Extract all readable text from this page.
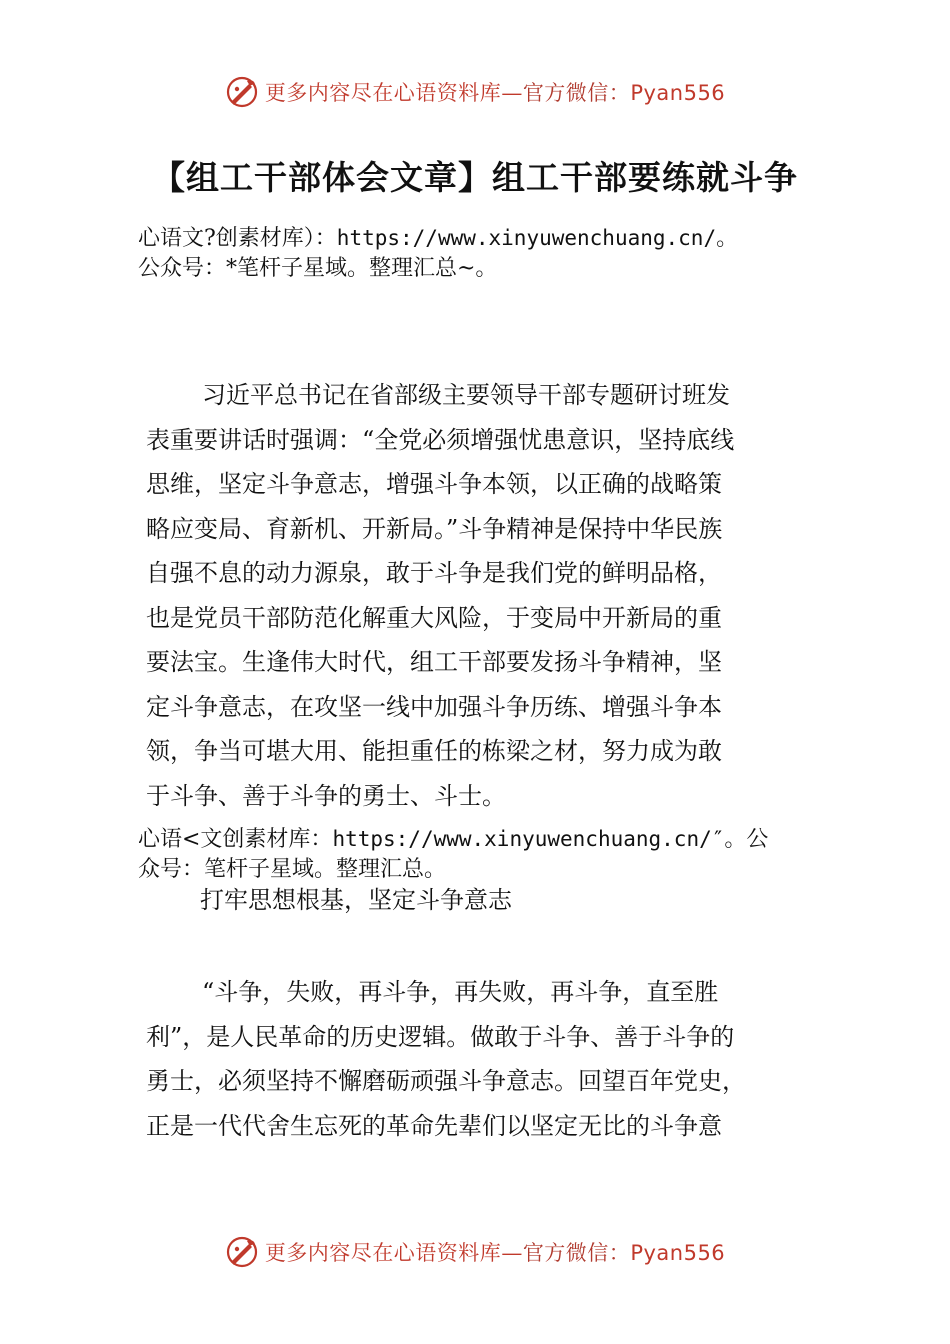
更多内容尽在心语资料库—官方微信：Pyan556
【组工干部体会文章】组工干部要练就斗争
心语文?创素材库）：https://www.xinyuwenchuang.cn/。
公众号：*笔杆子星域。整理汇总~。
习近平总书记在省部级主要领导干部专题研讨班发
表重要讲话时强调：“全党必须增强忧患意识，坚持底线
思维，坚定斗争意志，增强斗争本领，以正确的战略策
略应变局、育新机、开新局。”斗争精神是保持中华民族
自强不息的动力源泉，敢于斗争是我们党的鲜明品格，
也是党员干部防范化解重大风险，于变局中开新局的重
要法宝。生逢伟大时代，组工干部要发扬斗争精神，坚
定斗争意志，在攻坚一线中加强斗争历练、增强斗争本
领，争当可堪大用、能担重任的栋梁之材，努力成为敢
于斗争、善于斗争的勇士、斗士。
心语<文创素材库：https://www.xinyuwenchuang.cn/″。公
众号：笔杆子星域。整理汇总。
打牢思想根基，坚定斗争意志
“斗争，失败，再斗争，再失败，再斗争，直至胜
利”，是人民革命的历史逻辑。做敢于斗争、善于斗争的
勇士，必须坚持不懈磨砺顽强斗争意志。回望百年党史，
正是一代代舍生忘死的革命先辈们以坚定无比的斗争意
更多内容尽在心语资料库—官方微信：Pyan556
